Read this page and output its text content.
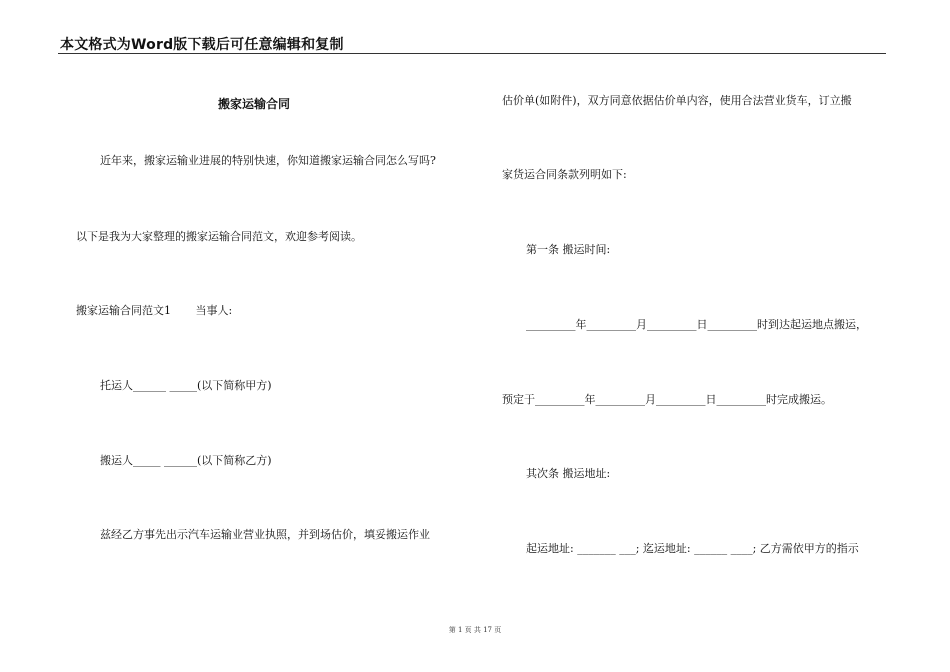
本文格式为Word版下载后可任意编辑和复制
搬家运输合同
近年来，搬家运输业进展的特别快速，你知道搬家运输合同怎么写吗?
以下是我为大家整理的搬家运输合同范文，欢迎参考阅读。
搬家运输合同范文1       当事人:
托运人______ _____(以下简称甲方)
搬运人_____ ______(以下简称乙方)
兹经乙方事先出示汽车运输业营业执照，并到场估价，填妥搬运作业
估价单(如附件)，双方同意依据估价单内容，使用合法营业货车，订立搬
家货运合同条款列明如下:
第一条 搬运时间:
_________年_________月_________日_________时到达起运地点搬运，
预定于_________年_________月_________日_________时完成搬运。
其次条 搬运地址:
起运地址: _______ ___; 迄运地址: ______ ____; 乙方需依甲方的指示
第 1 页 共 17 页
